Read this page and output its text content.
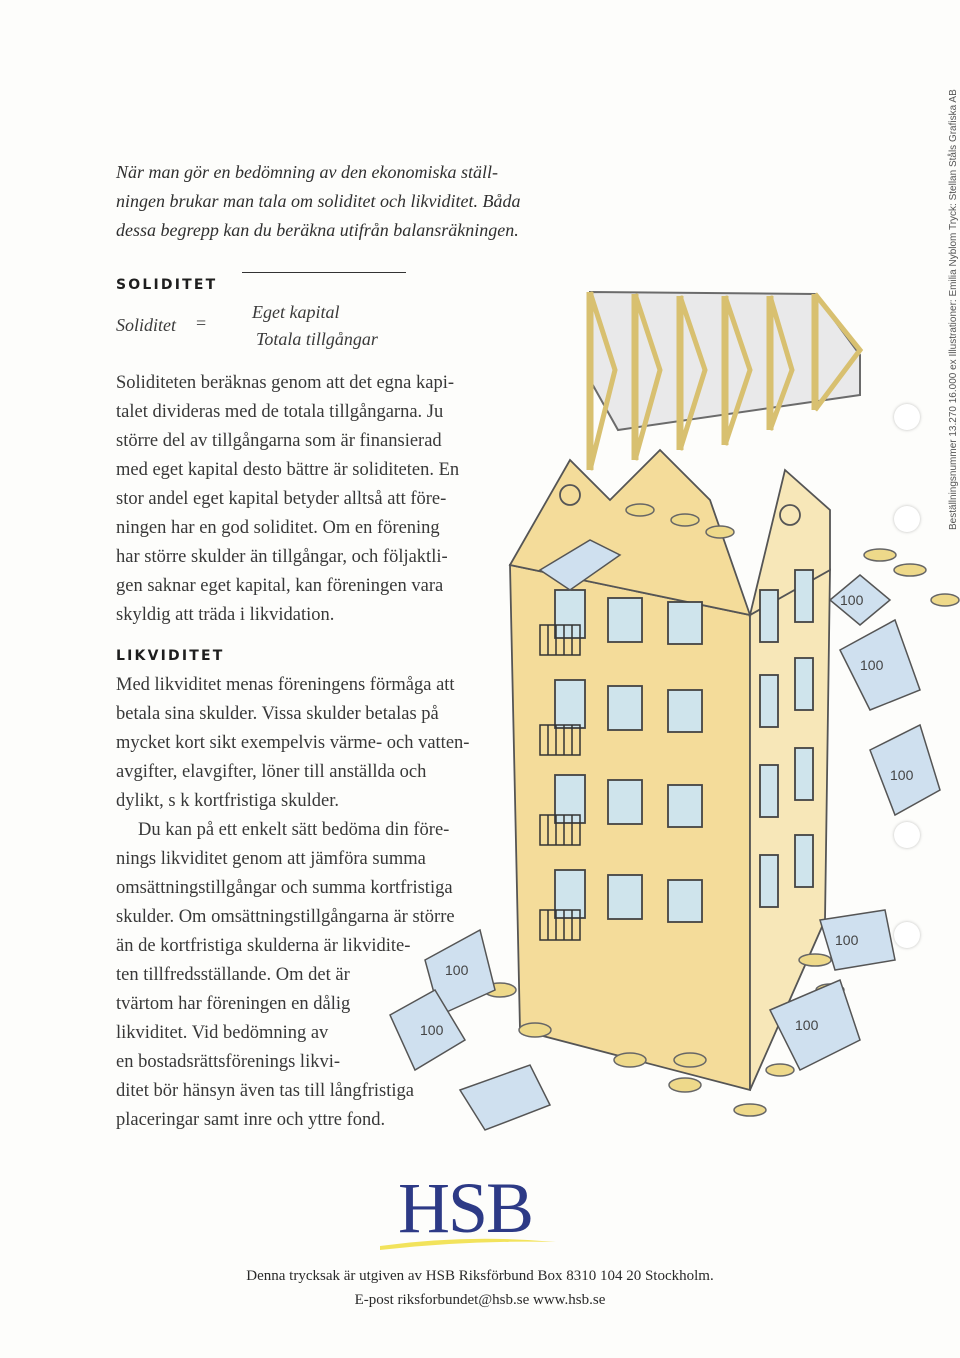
När man gör en bedömning av den ekonomiska ställ-
ningen brukar man tala om soliditet och likviditet. Båda
dessa begrepp kan du beräkna utifrån balansräkningen.

SOLIDITET
Soliditet =
Eget kapital
Totala tillgångar

Soliditeten beräknas genom att det egna kapi-
talet divideras med de totala tillgångarna. Ju
större del av tillgångarna som är finansierad
med eget kapital desto bättre är soliditeten. En
stor andel eget kapital betyder alltså att före-
ningen har en god soliditet. Om en förening
har större skulder än tillgångar, och följaktli-
gen saknar eget kapital, kan föreningen vara
skyldig att träda i likvidation.

LIKVIDITET

Med likviditet menas föreningens förmåga att
betala sina skulder. Vissa skulder betalas på
mycket kort sikt exempelvis värme- och vatten-
avgifter, elavgifter, löner till anställda och
dylikt, s k kortfristiga skulder.
Du kan på ett enkelt sätt bedöma din före-
nings likviditet genom att jämföra summa
omsättningstillgångar och summa kortfristiga
skulder. Om omsättningstillgångarna är större
än de kortfristiga skulderna är likvidite-
ten tillfredsställande. Om det är
tvärtom har föreningen en dålig
likviditet. Vid bedömning av
en bostadsrättsförenings likvi-
ditet bör hänsyn även tas till långfristiga
placeringar samt inre och yttre fond.

100
100
100
100
100
100	100
Beställningsnummer 13.270 16.000 ex Illustrationer: Emilia Nyblom Tryck: Stellan Ståls Grafiska AB
HSB
Denna trycksak är utgiven av HSB Riksförbund Box 8310 104 20 Stockholm.
E-post riksforbundet@hsb.se www.hsb.se
